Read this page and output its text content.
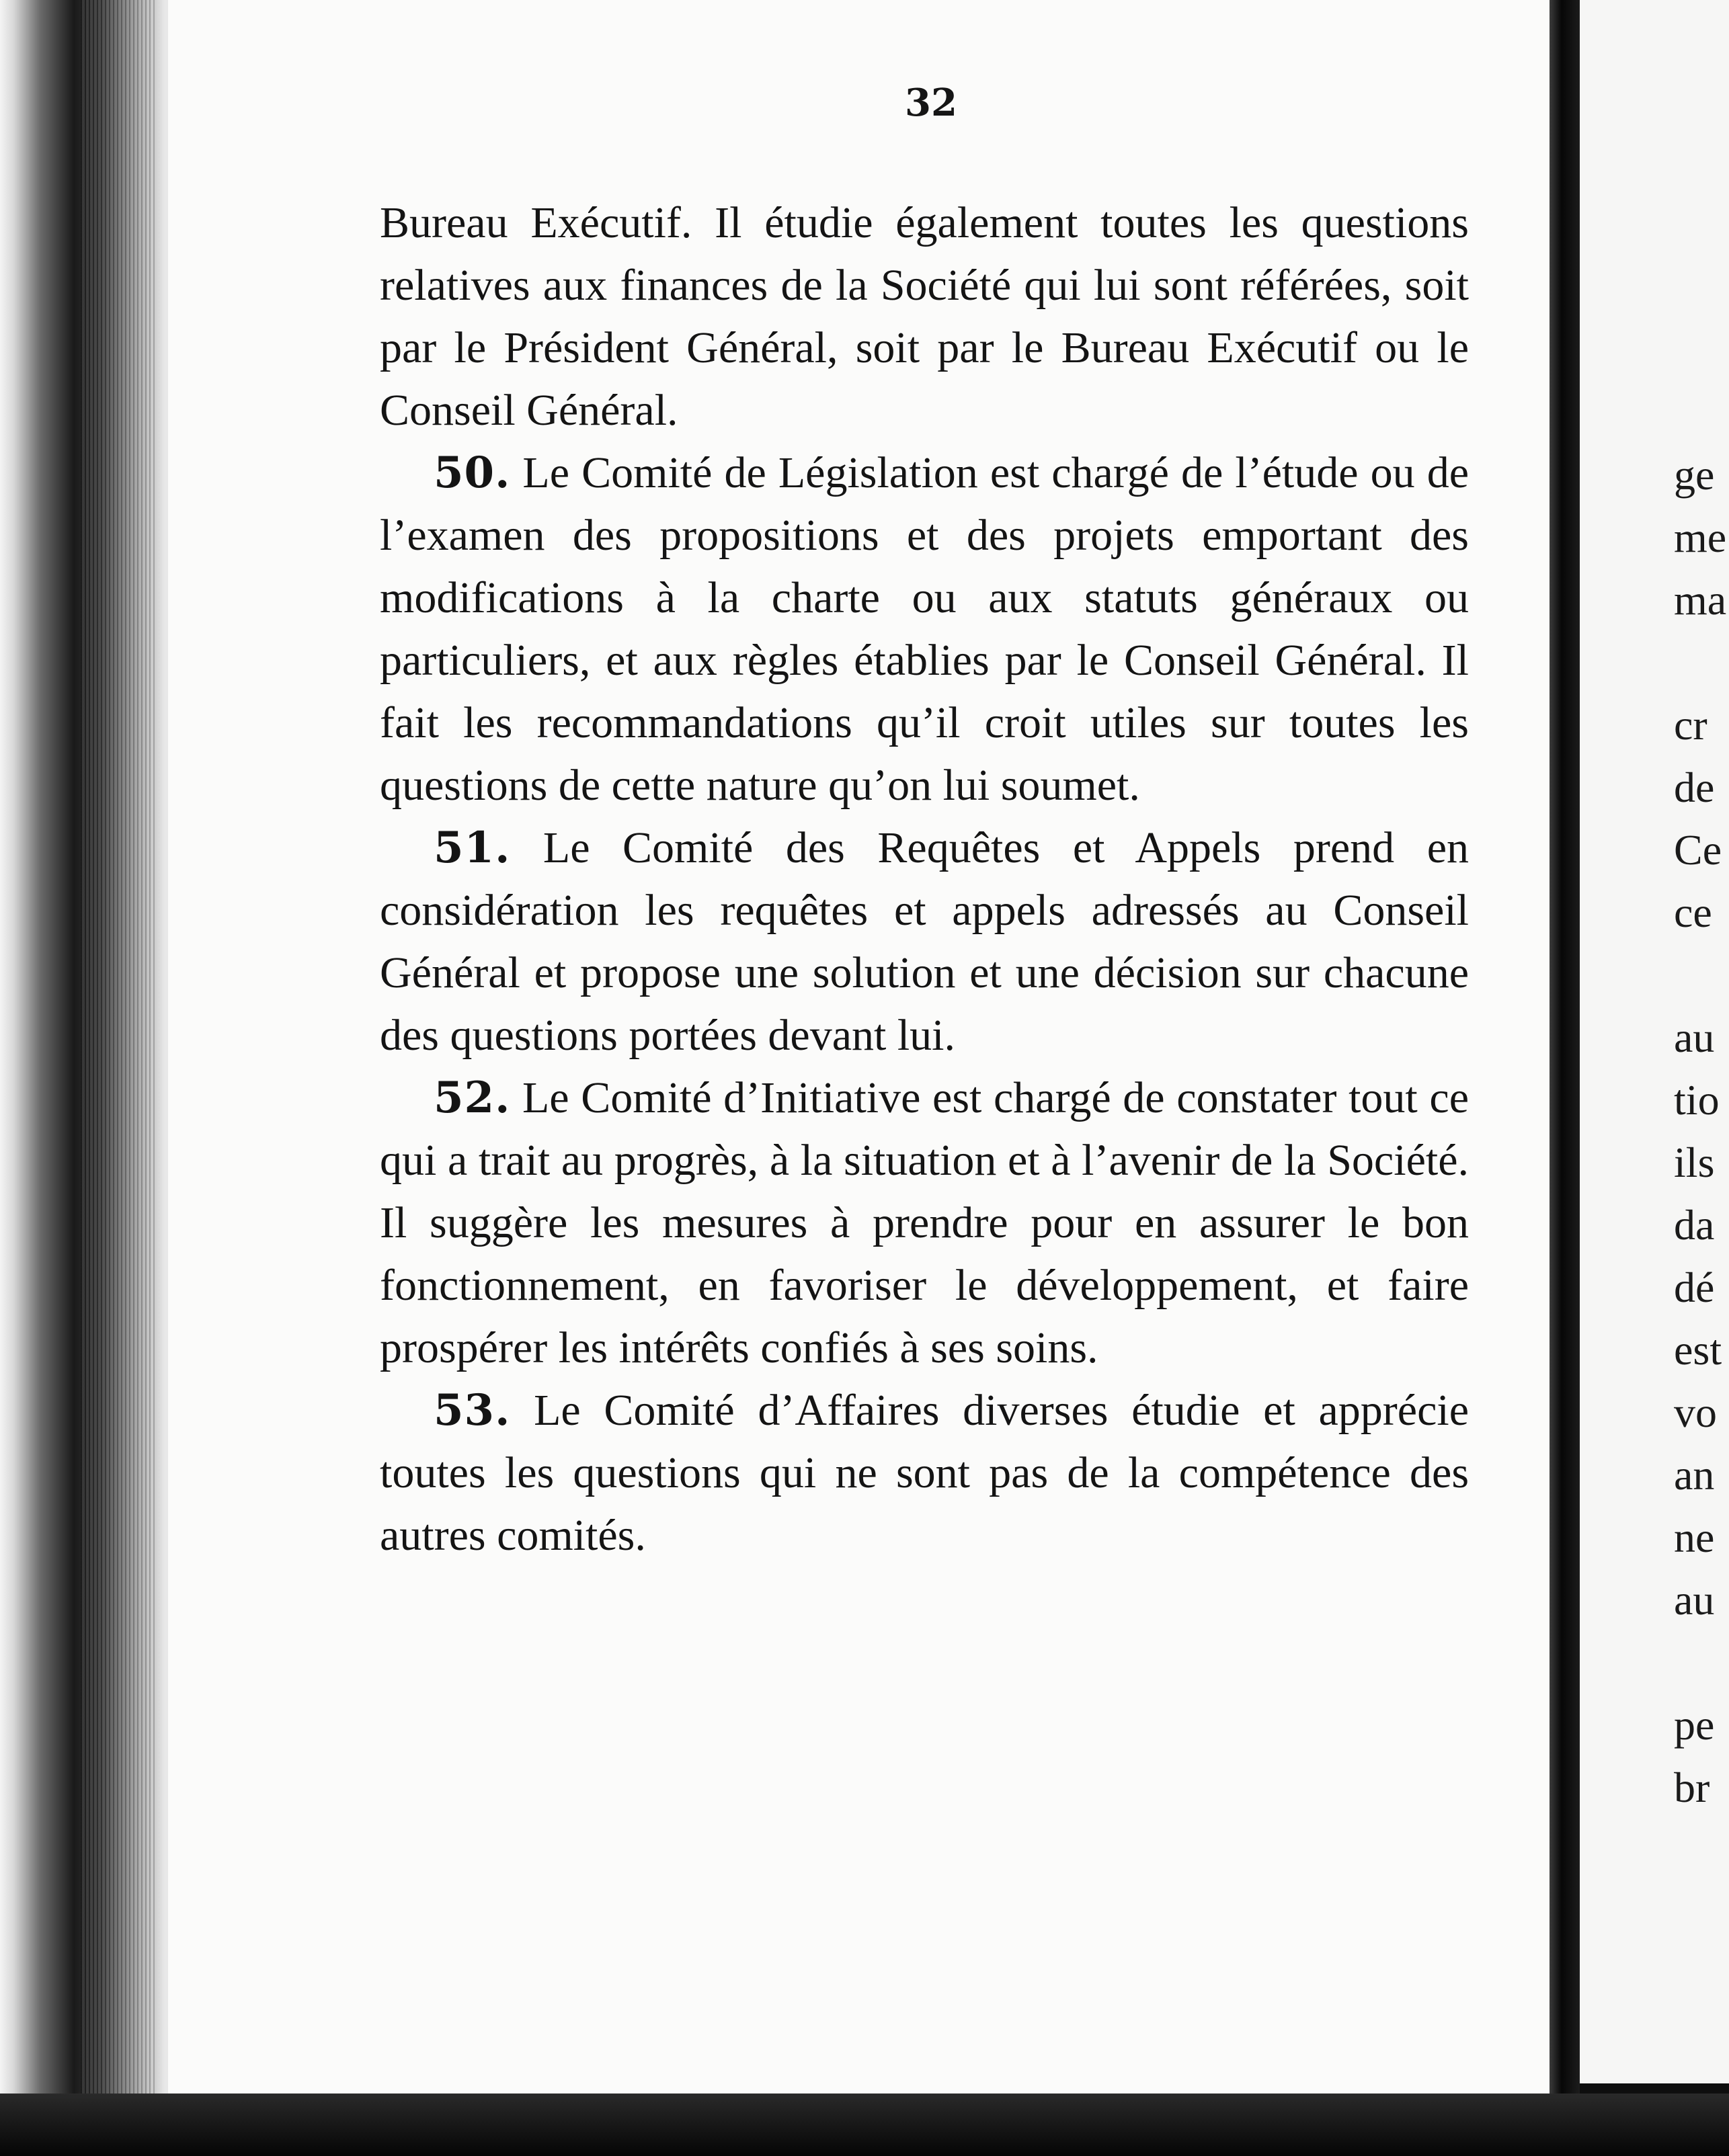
32

Bureau Exécutif. Il étudie également toutes les questions relatives aux finances de la Société qui lui sont référées, soit par le Président Général, soit par le Bureau Exécutif ou le Conseil Général.

50. Le Comité de Législation est chargé de l’étude ou de l’examen des propositions et des projets emportant des modifications à la charte ou aux statuts généraux ou particuliers, et aux règles établies par le Conseil Général. Il fait les recommandations qu’il croit utiles sur toutes les questions de cette nature qu’on lui soumet.

51. Le Comité des Requêtes et Appels prend en considération les requêtes et appels adressés au Conseil Général et propose une solution et une décision sur chacune des questions portées devant lui.

52. Le Comité d’Initiative est chargé de constater tout ce qui a trait au progrès, à la situation et à l’avenir de la Société. Il suggère les mesures à prendre pour en assurer le bon fonctionnement, en favoriser le développement, et faire prospérer les intérêts confiés à ses soins.

53. Le Comité d’Affaires diverses étudie et apprécie toutes les questions qui ne sont pas de la compétence des autres comités.

ge
me
ma
cr
de
Ce
ce
au
tio
ils
da
dé
est
vo
an
ne
au
pe
br
